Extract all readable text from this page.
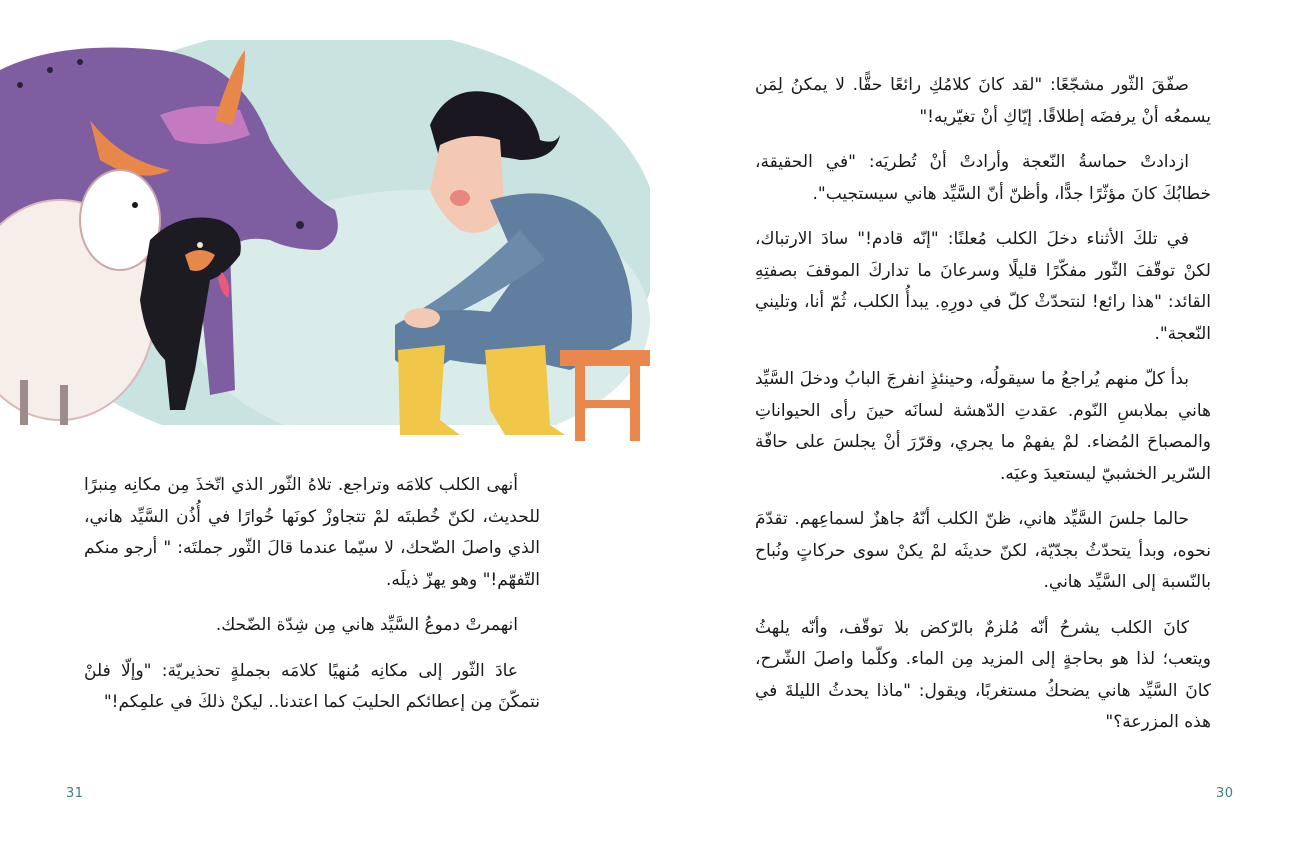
أنهى الكلب كلامَه وتراجع. تلاهُ الثّور الذي اتّخذَ مِن مكانِه مِنبرًا للحديث، لكنّ خُطبتَه لمْ تتجاوزْ كونَها خُوارًا في أُذُن السَّيِّد هاني، الذي واصلَ الضّحك، لا سيّما عندما قالَ الثّور جملتَه: " أرجو منكم التّفهّم!" وهو يهزّ ذيلَه.

انهمرتْ دموعُ السَّيِّد هاني مِن شِدّة الضّحك.

عادَ الثّور إلى مكانِه مُنهيًا كلامَه بجملةٍ تحذيريّة: "وإلّا فلنْ نتمكّنَ مِن إعطائكم الحليبَ كما اعتدنا.. ليكنْ ذلكَ في علمِكم!"

31

صفّقَ الثّور مشجّعًا: "لقد كانَ كلامُكِ رائعًا حقًّا. لا يمكنُ لِمَن يسمعُه أنْ يرفضَه إطلاقًا. إيّاكِ أنْ تغيّريه!"

ازدادتْ حماسةُ النّعجة وأرادتْ أنْ تُطريَه: "في الحقيقة، خطابُكَ كانَ مؤثّرًا جدًّا، وأظنّ أنّ السَّيِّد هاني سيستجيب".

في تلكَ الأثناء دخلَ الكلب مُعلنًا: "إنّه قادم!" سادَ الارتباك، لكنْ توقّفَ الثّور مفكّرًا قليلًا وسرعانَ ما تداركَ الموقفَ بصفتِهِ القائد: "هذا رائع! لنتحدّثْ كلّ في دورِهِ. يبدأُ الكلب، ثُمّ أنا، وتليني النّعجة".

بدأ كلّ منهم يُراجعُ ما سيقولُه، وحينئذٍ انفرجَ البابُ ودخلَ السَّيِّد هاني بملابسِ النّوم. عقدتِ الدّهشة لسانَه حينَ رأى الحيواناتِ والمصباحَ المُضاء. لمْ يفهمْ ما يجري، وقرّرَ أنْ يجلسَ على حافّة السّرير الخشبيّ ليستعيدَ وعيَه.

حالما جلسَ السَّيِّد هاني، ظنّ الكلب أنّهُ جاهزٌ لسماعِهم. تقدّمَ نحوه، وبدأ يتحدّثُ بجدّيّة، لكنّ حديثَه لمْ يكنْ سوى حركاتٍ ونُباح بالنّسبة إلى السَّيِّد هاني.

كانَ الكلب يشرحُ أنّه مُلزمٌ بالرّكض بلا توقّف، وأنّه يلهثُ ويتعب؛ لذا هو بحاجةٍ إلى المزيد مِن الماء. وكلّما واصلَ الشّرح، كانَ السَّيِّد هاني يضحكُ مستغربًا، ويقول: "ماذا يحدثُ الليلةَ في هذه المزرعة؟"

30
